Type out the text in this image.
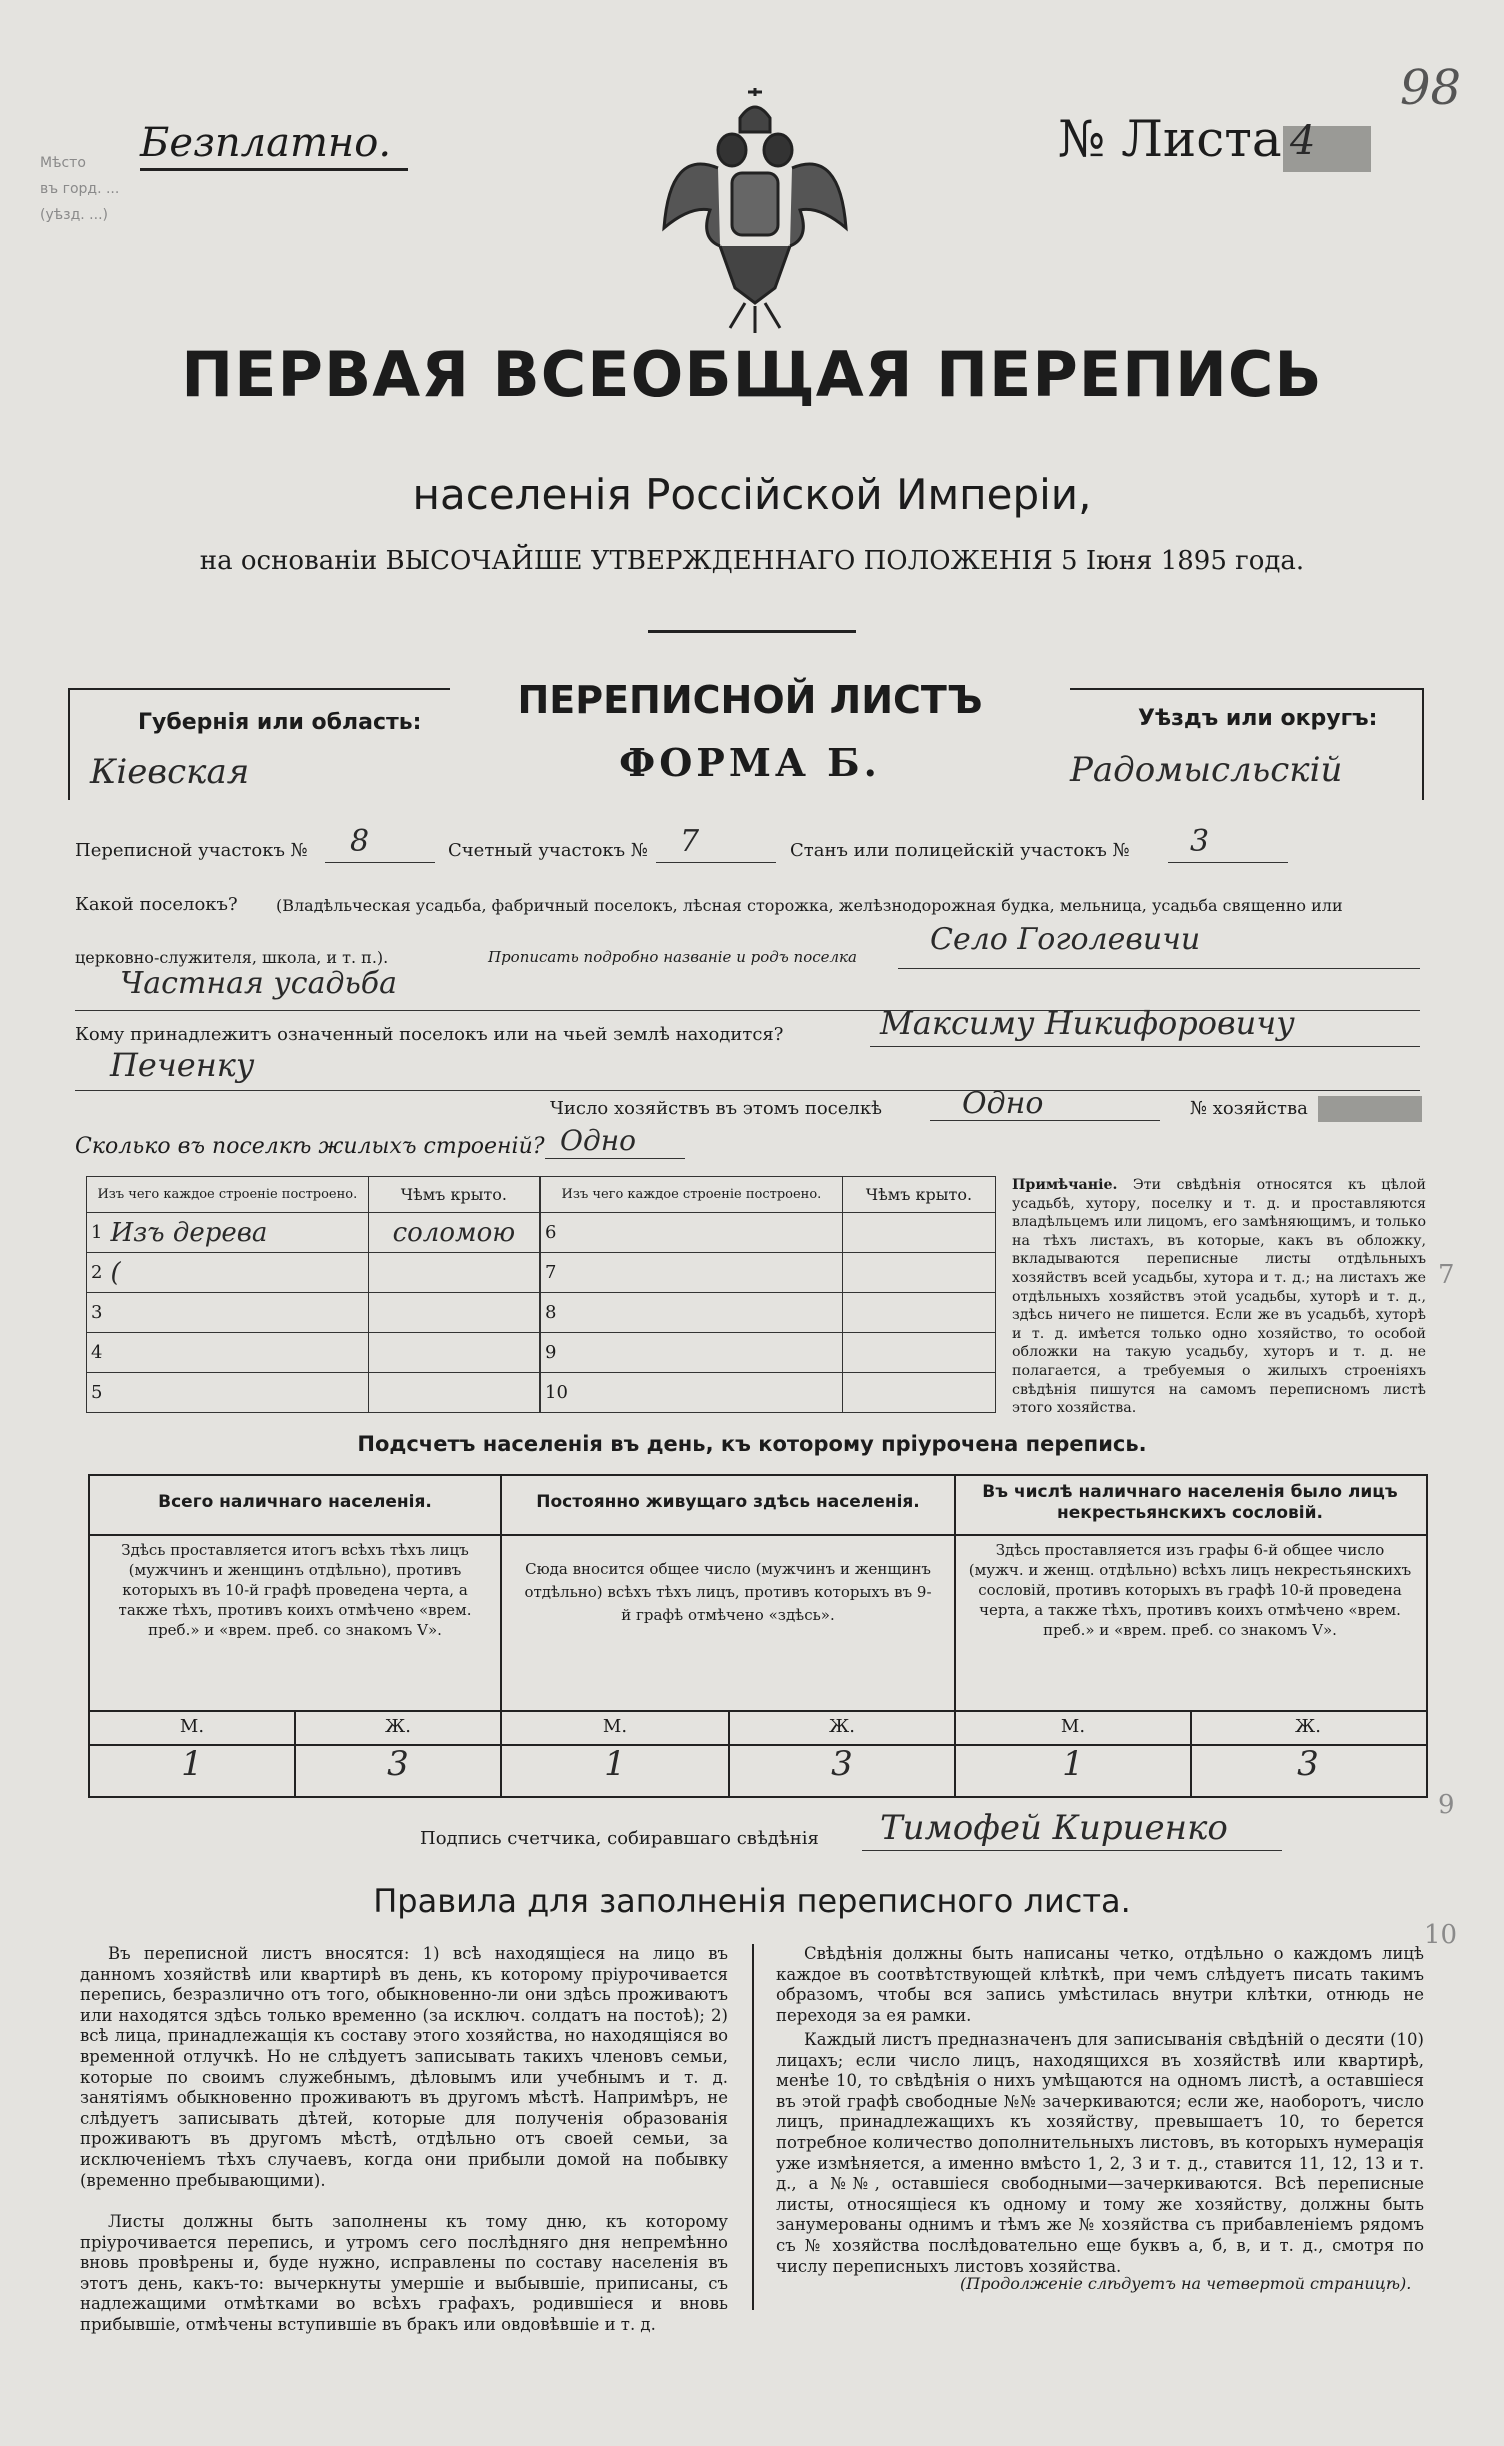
Мѣсто
въ горд. ...
(уѣзд. ...)
Безплатно.	№ Листа 4
98
ПЕРВАЯ ВСЕОБЩАЯ ПЕРЕПИСЬ
населенія Россійской Имперіи,
на основаніи ВЫСОЧАЙШЕ УТВЕРЖДЕННАГО ПОЛОЖЕНІЯ 5 Іюня 1895 года.
Губернія или область:
Кіевская
ПЕРЕПИСНОЙ ЛИСТЪ
ФОРМА Б.
Уѣздъ или округъ:
Радомысльскій
Переписной участокъ № 8	Счетный участокъ № 7	Станъ или полицейскій участокъ № 3
Какой поселокъ? (Владѣльческая усадьба, фабричный поселокъ, лѣсная сторожка, желѣзнодорожная будка, мельница, усадьба священно или
церковно-служителя, школа, и т. п.).	Прописать подробно названіе и родъ поселка Село Гоголевичи
Частная усадьба
Кому принадлежитъ означенный поселокъ или на чьей землѣ находится?	Максиму Никифоровичу
Печенку
Число хозяйствъ въ этомъ поселкѣ	Одно	№ хозяйства
Сколько въ поселкѣ жилыхъ строеній? Одно
Изъ чего каждое строеніе построено.		Чѣмъ крыто.
1	Изъ дерева	соломою
2	(	
3		
4		
5		
Изъ чего каждое строеніе построено.		Чѣмъ крыто.
6		
7		
8		
9		
10		
Примѣчаніе. Эти свѣдѣнія относятся къ цѣлой усадьбѣ, хутору, поселку и т. д. и проставляются владѣльцемъ или лицомъ, его замѣняющимъ, и только на тѣхъ листахъ, въ которые, какъ въ обложку, вкладываются переписные листы отдѣльныхъ хозяйствъ всей усадьбы, хутора и т. д.; на листахъ же отдѣльныхъ хозяйствъ этой усадьбы, хуторѣ и т. д., здѣсь ничего не пишется. Если же въ усадьбѣ, хуторѣ и т. д. имѣется только одно хозяйство, то особой обложки на такую усадьбу, хуторъ и т. д. не полагается, а требуемыя о жилыхъ строеніяхъ свѣдѣнія пишутся на самомъ переписномъ листѣ этого хозяйства.
Подсчетъ населенія въ день, къ которому пріурочена перепись.
Всего наличнаго населенія.
Здѣсь проставляется итогъ всѣхъ тѣхъ лицъ (мужчинъ и женщинъ отдѣльно), противъ которыхъ въ 10-й графѣ проведена черта, а также тѣхъ, противъ коихъ отмѣчено «врем. преб.» и «врем. преб. со знакомъ V».
Постоянно живущаго здѣсь населенія.
Сюда вносится общее число (мужчинъ и женщинъ отдѣльно) всѣхъ тѣхъ лицъ, противъ которыхъ въ 9-й графѣ отмѣчено «здѣсь».
Въ числѣ наличнаго населенія было лицъ некрестьянскихъ сословій.
Здѣсь проставляется изъ графы 6-й общее число (мужч. и женщ. отдѣльно) всѣхъ лицъ некрестьянскихъ сословій, противъ которыхъ въ графѣ 10-й проведена черта, а также тѣхъ, противъ коихъ отмѣчено «врем. преб.» и «врем. преб. со знакомъ V».
М.	Ж.	М.	Ж.	М.	Ж.
1	3	1	3	1	3
Подпись счетчика, собиравшаго свѣдѣнія Тимофей Кириенко
Правила для заполненія переписного листа.
Въ переписной листъ вносятся: 1) всѣ находящіеся на лицо въ данномъ хозяйствѣ или квартирѣ въ день, къ которому пріурочивается перепись, безразлично отъ того, обыкновенно-ли они здѣсь проживаютъ или находятся здѣсь только временно (за исключ. солдатъ на постоѣ); 2) всѣ лица, принадлежащія къ составу этого хозяйства, но находящіяся во временной отлучкѣ. Но не слѣдуетъ записывать такихъ членовъ семьи, которые по своимъ служебнымъ, дѣловымъ или учебнымъ и т. д. занятіямъ обыкновенно проживаютъ въ другомъ мѣстѣ. Напримѣръ, не слѣдуетъ записывать дѣтей, которые для полученія образованія проживаютъ въ другомъ мѣстѣ, отдѣльно отъ своей семьи, за исключеніемъ тѣхъ случаевъ, когда они прибыли домой на побывку (временно пребывающими).
Листы должны быть заполнены къ тому дню, къ которому пріурочивается перепись, и утромъ сего послѣдняго дня непремѣнно вновь провѣрены и, буде нужно, исправлены по составу населенія въ этотъ день, какъ-то: вычеркнуты умершіе и выбывшіе, приписаны, съ надлежащими отмѣтками во всѣхъ графахъ, родившіеся и вновь прибывшіе, отмѣчены вступившіе въ бракъ или овдовѣвшіе и т. д.
Свѣдѣнія должны быть написаны четко, отдѣльно о каждомъ лицѣ каждое въ соотвѣтствующей клѣткѣ, при чемъ слѣдуетъ писать такимъ образомъ, чтобы вся запись умѣстилась внутри клѣтки, отнюдь не переходя за ея рамки.
Каждый листъ предназначенъ для записыванія свѣдѣній о десяти (10) лицахъ; если число лицъ, находящихся въ хозяйствѣ или квартирѣ, менѣе 10, то свѣдѣнія о нихъ умѣщаются на одномъ листѣ, а оставшіеся въ этой графѣ свободные №№ зачеркиваются; если же, наоборотъ, число лицъ, принадлежащихъ къ хозяйству, превышаетъ 10, то берется потребное количество дополнительныхъ листовъ, въ которыхъ нумерація уже измѣняется, а именно вмѣсто 1, 2, 3 и т. д., ставится 11, 12, 13 и т. д., а №№, оставшіеся свободными—зачеркиваются. Всѣ переписные листы, относящіеся къ одному и тому же хозяйству, должны быть занумерованы однимъ и тѣмъ же № хозяйства съ прибавленіемъ рядомъ съ № хозяйства послѣдовательно еще буквъ а, б, в, и т. д., смотря по числу переписныхъ листовъ хозяйства.
(Продолженіе слѣдуетъ на четвертой страницѣ).
7
9
10
